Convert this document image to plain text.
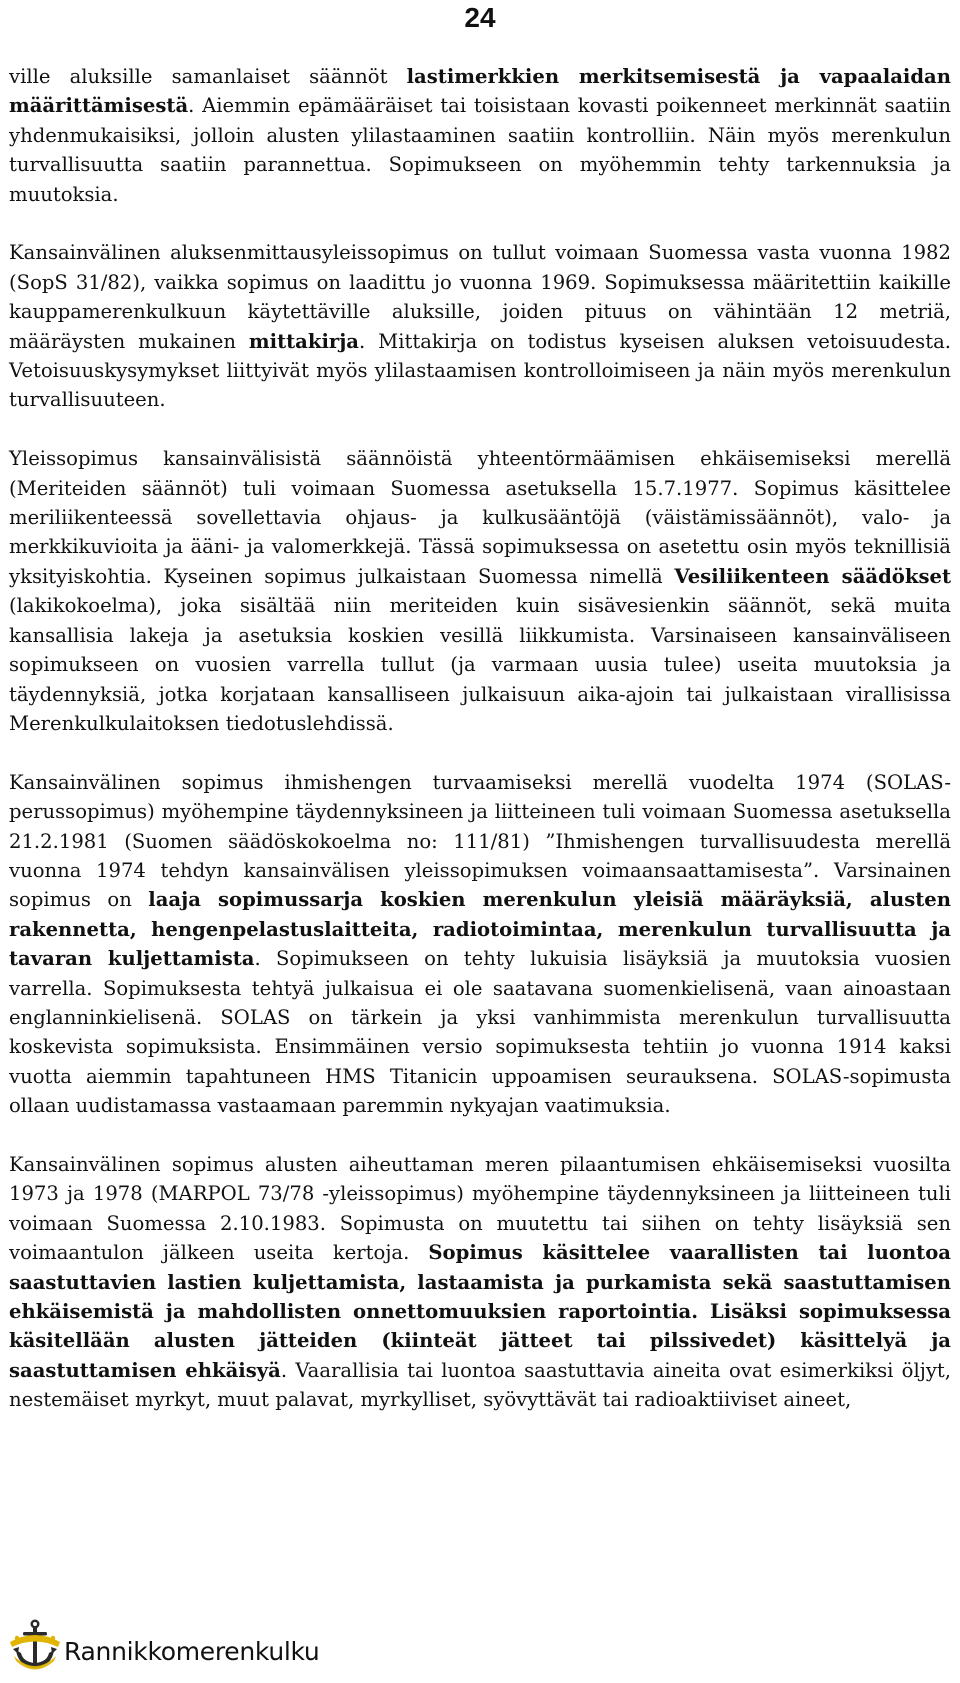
24

ville aluksille samanlaiset säännöt lastimerkkien merkitsemisestä ja vapaalaidan määrittämisestä. Aiemmin epämääräiset tai toisistaan kovasti poikenneet merkinnät saatiin yhdenmukaisiksi, jolloin alusten ylilastaaminen saatiin kontrolliin. Näin myös merenkulun turvallisuutta saatiin parannettua. Sopimukseen on myöhemmin tehty tarkennuksia ja muutoksia.

Kansainvälinen aluksenmittausyleissopimus on tullut voimaan Suomessa vasta vuonna 1982 (SopS 31/82), vaikka sopimus on laadittu jo vuonna 1969. Sopimuksessa määritettiin kaikille kauppamerenkulkuun käytettäville aluksille, joiden pituus on vähintään 12 metriä, määräysten mukainen mittakirja. Mittakirja on todistus kyseisen aluksen vetoisuudesta. Vetoisuuskysymykset liittyivät myös ylilastaamisen kontrolloimiseen ja näin myös merenkulun turvallisuuteen.

Yleissopimus kansainvälisistä säännöistä yhteentörmäämisen ehkäisemiseksi merellä (Meriteiden säännöt) tuli voimaan Suomessa asetuksella 15.7.1977. Sopimus käsittelee meriliikenteessä sovellettavia ohjaus- ja kulkusääntöjä (väistämissäännöt), valo- ja merkkikuvioita ja ääni- ja valomerkkejä. Tässä sopimuksessa on asetettu osin myös teknillisiä yksityiskohtia. Kyseinen sopimus julkaistaan Suomessa nimellä Vesiliikenteen säädökset (lakikokoelma), joka sisältää niin meriteiden kuin sisävesienkin säännöt, sekä muita kansallisia lakeja ja asetuksia koskien vesillä liikkumista. Varsinaiseen kansainväliseen sopimukseen on vuosien varrella tullut (ja varmaan uusia tulee) useita muutoksia ja täydennyksiä, jotka korjataan kansalliseen julkaisuun aika-ajoin tai julkaistaan virallisissa Merenkulkulaitoksen tiedotuslehdissä.

Kansainvälinen sopimus ihmishengen turvaamiseksi merellä vuodelta 1974 (SOLAS-perussopimus) myöhempine täydennyksineen ja liitteineen tuli voimaan Suomessa asetuksella 21.2.1981 (Suomen säädöskokoelma no: 111/81) ”Ihmishengen turvallisuudesta merellä vuonna 1974 tehdyn kansainvälisen yleissopimuksen voimaansaattamisesta”. Varsinainen sopimus on laaja sopimussarja koskien merenkulun yleisiä määräyksiä, alusten rakennetta, hengenpelastuslaitteita, radiotoimintaa, merenkulun turvallisuutta ja tavaran kuljettamista. Sopimukseen on tehty lukuisia lisäyksiä ja muutoksia vuosien varrella. Sopimuksesta tehtyä julkaisua ei ole saatavana suomenkielisenä, vaan ainoastaan englanninkielisenä. SOLAS on tärkein ja yksi vanhimmista merenkulun turvallisuutta koskevista sopimuksista. Ensimmäinen versio sopimuksesta tehtiin jo vuonna 1914 kaksi vuotta aiemmin tapahtuneen HMS Titanicin uppoamisen seurauksena. SOLAS-sopimusta ollaan uudistamassa vastaamaan paremmin nykyajan vaatimuksia.

Kansainvälinen sopimus alusten aiheuttaman meren pilaantumisen ehkäisemiseksi vuosilta 1973 ja 1978 (MARPOL 73/78 -yleissopimus) myöhempine täydennyksineen ja liitteineen tuli voimaan Suomessa 2.10.1983. Sopimusta on muutettu tai siihen on tehty lisäyksiä sen voimaantulon jälkeen useita kertoja. Sopimus käsittelee vaarallisten tai luontoa saastuttavien lastien kuljettamista, lastaamista ja purkamista sekä saastuttamisen ehkäisemistä ja mahdollisten onnettomuuksien raportointia. Lisäksi sopimuksessa käsitellään alusten jätteiden (kiinteät jätteet tai pilssivedet) käsittelyä ja saastuttamisen ehkäisyä. Vaarallisia tai luontoa saastuttavia aineita ovat esimerkiksi öljyt, nestemäiset myrkyt, muut palavat, myrkylliset, syövyttävät tai radioaktiiviset aineet,

Rannikkomerenkulku
